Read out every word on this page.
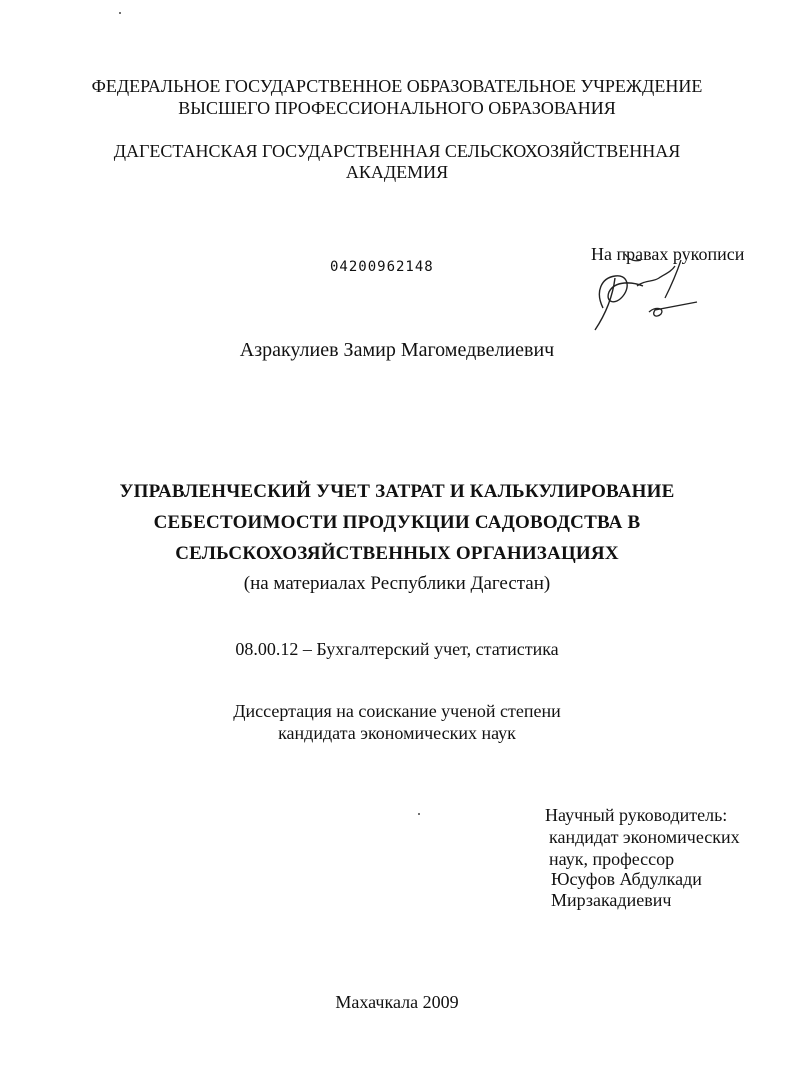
ФЕДЕРАЛЬНОЕ ГОСУДАРСТВЕННОЕ ОБРАЗОВАТЕЛЬНОЕ УЧРЕЖДЕНИЕ
ВЫСШЕГО ПРОФЕССИОНАЛЬНОГО ОБРАЗОВАНИЯ
ДАГЕСТАНСКАЯ ГОСУДАРСТВЕННАЯ СЕЛЬСКОХОЗЯЙСТВЕННАЯ
АКАДЕМИЯ
04200962148
На правах рукописи
Азракулиев Замир Магомедвелиевич
УПРАВЛЕНЧЕСКИЙ УЧЕТ ЗАТРАТ И КАЛЬКУЛИРОВАНИЕ
СЕБЕСТОИМОСТИ ПРОДУКЦИИ САДОВОДСТВА В
СЕЛЬСКОХОЗЯЙСТВЕННЫХ ОРГАНИЗАЦИЯХ
(на материалах Республики Дагестан)
08.00.12 – Бухгалтерский учет, статистика
Диссертация на соискание ученой степени
кандидата экономических наук
Научный руководитель:
кандидат экономических
наук, профессор
Юсуфов Абдулкади
Мирзакадиевич
Махачкала 2009
